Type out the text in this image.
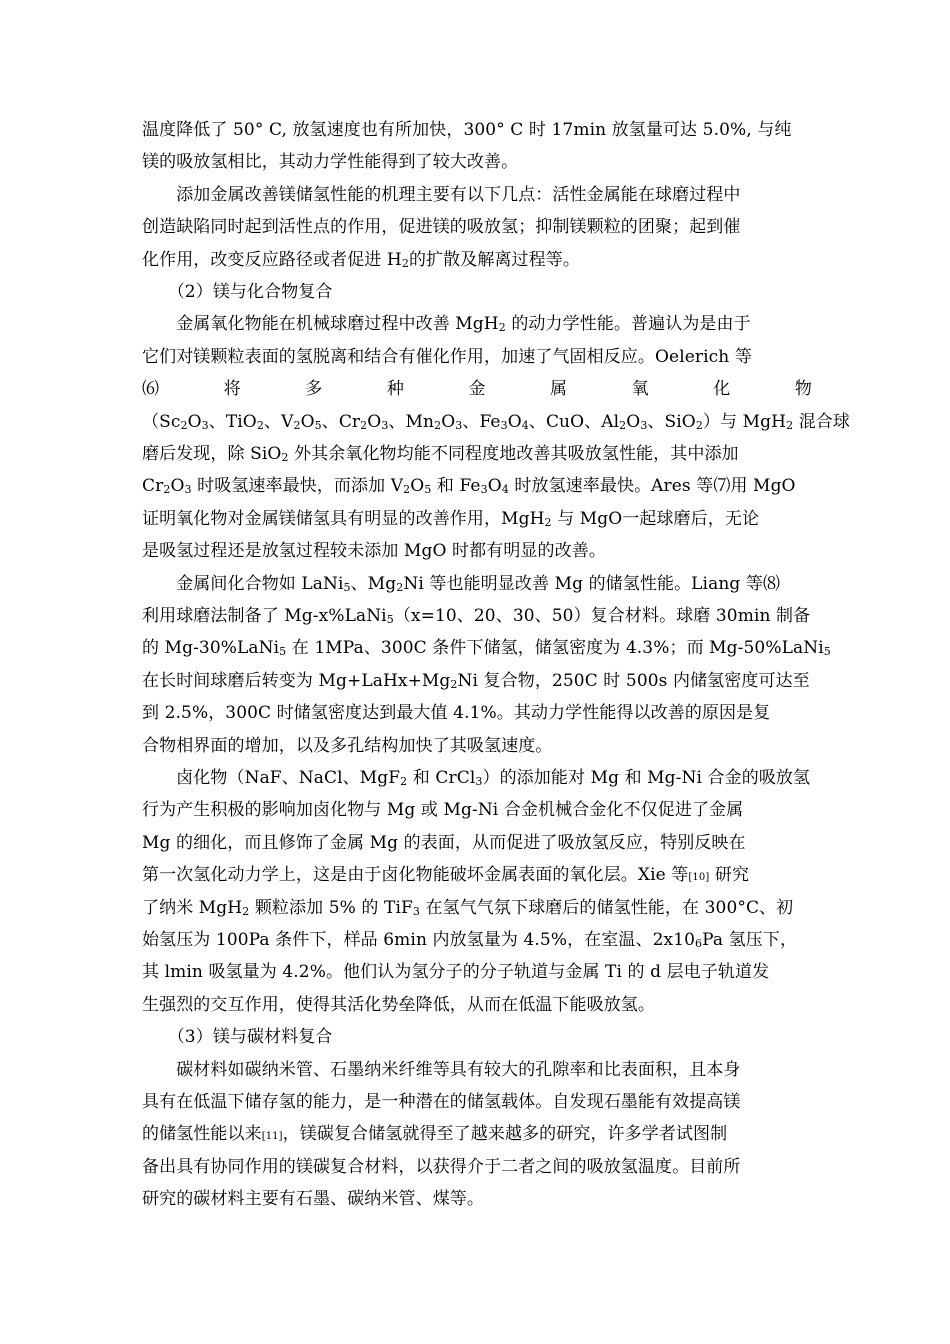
温度降低了 50° C, 放氢速度也有所加快，300° C 时 17min 放氢量可达 5.0%, 与纯
镁的吸放氢相比，其动力学性能得到了较大改善。
　　添加金属改善镁储氢性能的机理主要有以下几点：活性金属能在球磨过程中
创造缺陷同时起到活性点的作用，促进镁的吸放氢；抑制镁颗粒的团聚；起到催
化作用，改变反应路径或者促进 $H_2$的扩散及解离过程等。
　　（2）镁与化合物复合
　　金属氧化物能在机械球磨过程中改善 MgH$_2$ 的动力学性能。普遍认为是由于
它们对镁颗粒表面的氢脱离和结合有催化作用，加速了气固相反应。Oelerich 等
⑹	将	多	种	金	属	氧	化	物
（$Sc_2O_3$、TiO$_2$、$V_2O_5$、$Cr_2O_3$、$Mn_2O_3$、$Fe_3O_4$、CuO、$Al_2O_3$、SiO$_2$）与 MgH$_2$ 混合球
磨后发现，除 SiO$_2$ 外其余氧化物均能不同程度地改善其吸放氢性能，其中添加
$Cr_2O_3$ 时吸氢速率最快，而添加 $V_2O_5$ 和 $Fe_3O_4$ 时放氢速率最快。Ares 等⑺用 MgO
证明氧化物对金属镁储氢具有明显的改善作用，MgH$_2$ 与 MgO一起球磨后，无论
是吸氢过程还是放氢过程较未添加 MgO 时都有明显的改善。
　　金属间化合物如 LaNi$_5$、$Mg_2Ni$ 等也能明显改善 Mg 的储氢性能。Liang 等⑻
利用球磨法制备了 Mg-x%LaNi$_5$（x=10、20、30、50）复合材料。球磨 30min 制备
的 Mg-30%LaNi$_5$ 在 1MPa、300C 条件下储氢，储氢密度为 4.3%；而 Mg-50%LaNi$_5$
在长时间球磨后转变为 $Mg+LaHx+Mg_2Ni$ 复合物，250C 时 500s 内储氢密度可达至
到 2.5%，300C 时储氢密度达到最大值 4.1%。其动力学性能得以改善的原因是复
合物相界面的增加，以及多孔结构加快了其吸氢速度。
　　卤化物（NaF、NaCl、MgF$_2$ 和 CrCl$_3$）的添加能对 Mg 和 Mg-Ni 合金的吸放氢
行为产生积极的影响加卤化物与 Mg 或 Mg-Ni 合金机械合金化不仅促进了金属
Mg 的细化，而且修饰了金属 Mg 的表面，从而促进了吸放氢反应，特别反映在
第一次氢化动力学上，这是由于卤化物能破坏金属表面的氧化层。Xie 等[10] 研究
了纳米 MgH$_2$ 颗粒添加 5% 的 TiF$_3$ 在氢气气氛下球磨后的储氢性能，在 300°C、初
始氢压为 100Pa 条件下，样品 6min 内放氢量为 4.5%，在室温、$2x10_6Pa$ 氢压下，
其 lmin 吸氢量为 4.2%。他们认为氢分子的分子轨道与金属 Ti 的 d 层电子轨道发
生强烈的交互作用，使得其活化势垒降低，从而在低温下能吸放氢。
　　（3）镁与碳材料复合
　　碳材料如碳纳米管、石墨纳米纤维等具有较大的孔隙率和比表面积，且本身
具有在低温下储存氢的能力，是一种潜在的储氢载体。自发现石墨能有效提高镁
的储氢性能以来[11]，镁碳复合储氢就得至了越来越多的研究，许多学者试图制
备出具有协同作用的镁碳复合材料，以获得介于二者之间的吸放氢温度。目前所
研究的碳材料主要有石墨、碳纳米管、煤等。
